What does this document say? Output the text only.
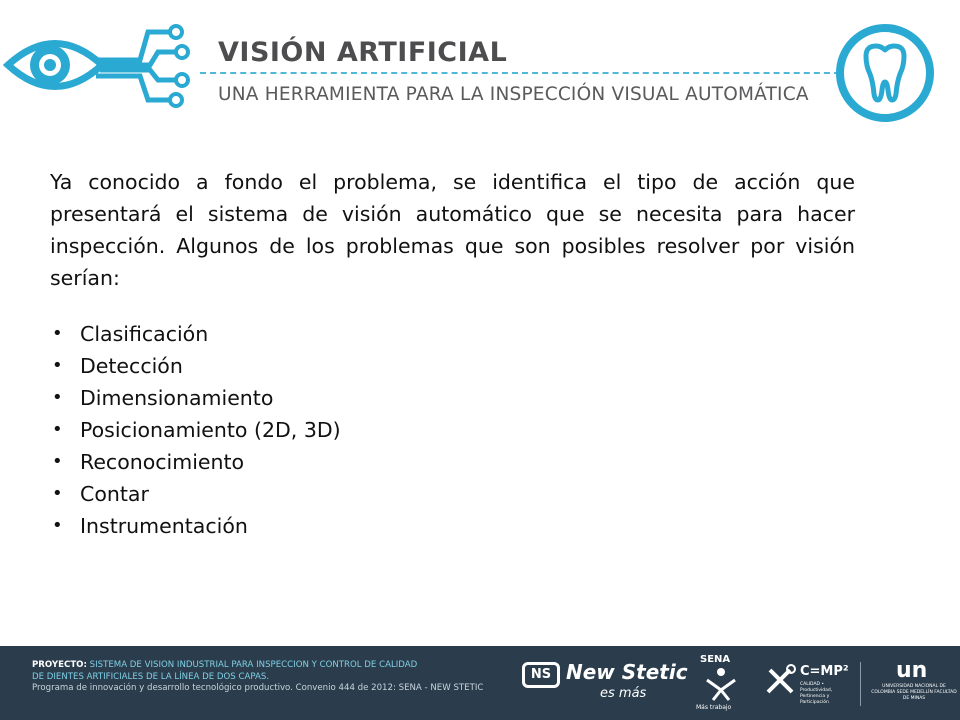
VISIÓN ARTIFICIAL
UNA HERRAMIENTA PARA LA INSPECCIÓN VISUAL AUTOMÁTICA

Ya conocido a fondo el problema, se identifica el tipo de acción que presentará el sistema de visión automático que se necesita para hacer inspección. Algunos de los problemas que son posibles resolver por visión serían:

• Clasificación
• Detección
• Dimensionamiento
• Posicionamiento (2D, 3D)
• Reconocimiento
• Contar
• Instrumentación
PROYECTO: SISTEMA DE VISIÓN INDUSTRIAL PARA INSPECCIÓN Y CONTROL DE CALIDAD
DE DIENTES ARTIFICIALES DE LA LÍNEA DE DOS CAPAS.
Programa de innovación y desarrollo tecnológico productivo. Convenio 444 de 2012: SENA - NEW STETIC
NS New Stetic
es más
SENA
Más trabajo
C=MP²
CALIDAD • Productividad, Pertinencia y Participación
un
UNIVERSIDAD NACIONAL DE COLOMBIA SEDE MEDELLÍN FACULTAD DE MINAS
